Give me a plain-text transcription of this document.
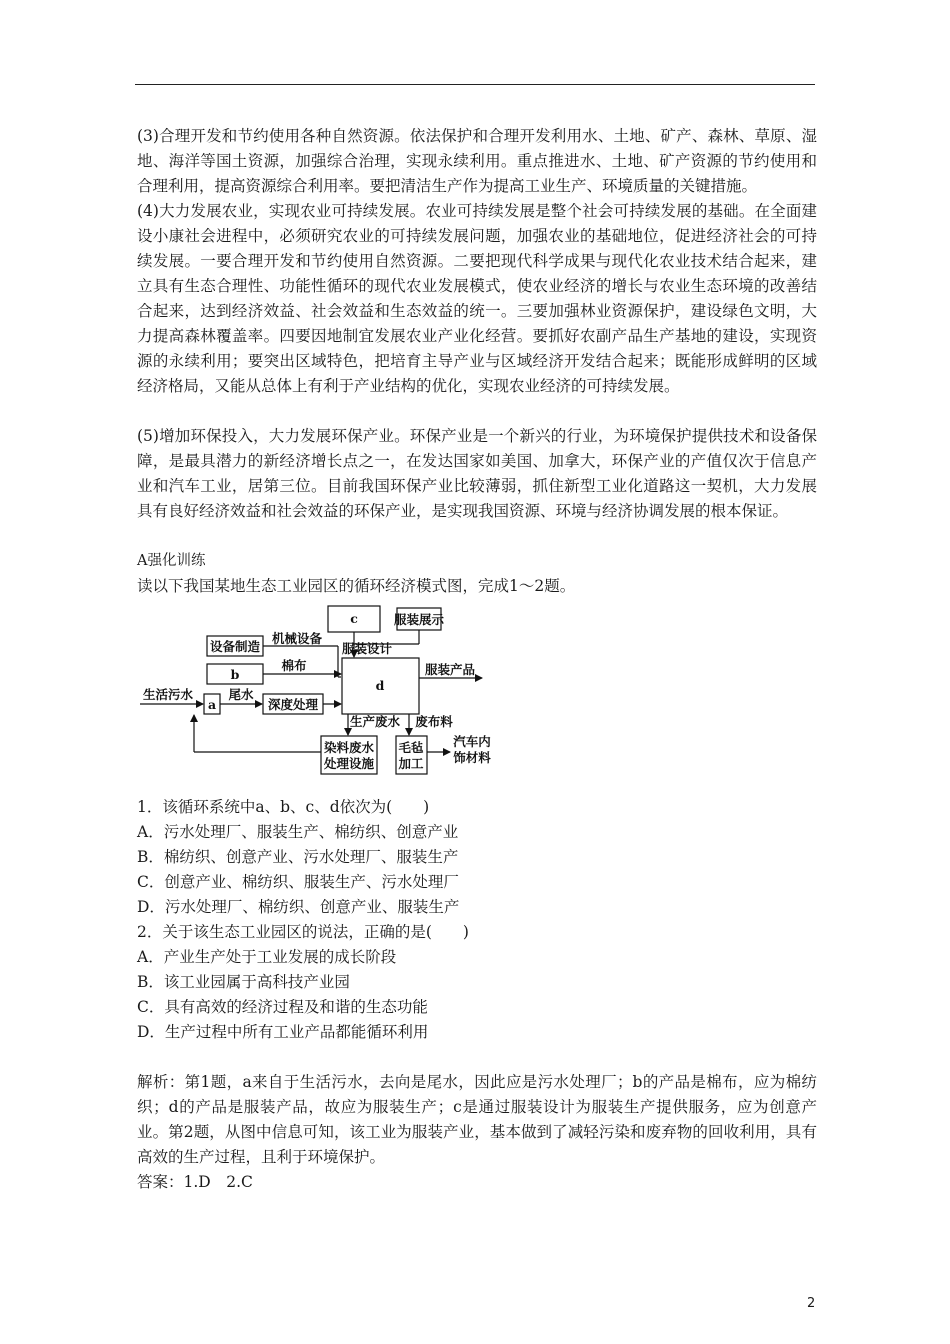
(3)合理开发和节约使用各种自然资源。依法保护和合理开发利用水、土地、矿产、森林、草原、湿地、海洋等国土资源，加强综合治理，实现永续利用。重点推进水、土地、矿产资源的节约使用和合理利用，提高资源综合利用率。要把清洁生产作为提高工业生产、环境质量的关键措施。
(4)大力发展农业，实现农业可持续发展。农业可持续发展是整个社会可持续发展的基础。在全面建设小康社会进程中，必须研究农业的可持续发展问题，加强农业的基础地位，促进经济社会的可持续发展。一要合理开发和节约使用自然资源。二要把现代科学成果与现代化农业技术结合起来，建立具有生态合理性、功能性循环的现代农业发展模式，使农业经济的增长与农业生态环境的改善结合起来，达到经济效益、社会效益和生态效益的统一。三要加强林业资源保护，建设绿色文明，大力提高森林覆盖率。四要因地制宜发展农业产业化经营。要抓好农副产品生产基地的建设，实现资源的永续利用；要突出区域特色，把培育主导产业与区域经济开发结合起来；既能形成鲜明的区域经济格局，又能从总体上有利于产业结构的优化，实现农业经济的可持续发展。
(5)增加环保投入，大力发展环保产业。环保产业是一个新兴的行业，为环境保护提供技术和设备保障，是最具潜力的新经济增长点之一，在发达国家如美国、加拿大，环保产业的产值仅次于信息产业和汽车工业，居第三位。目前我国环保产业比较薄弱，抓住新型工业化道路这一契机，大力发展具有良好经济效益和社会效益的环保产业，是实现我国资源、环境与经济协调发展的根本保证。
A强化训练
读以下我国某地生态工业园区的循环经济模式图，完成1～2题。
c	服装展示
设备制造
机械设备
服装设计
b
棉布
d
服装产品
生活污水
a
尾水
深度处理
生产废水 废布料
染料废水
处理设施
毛毡
加工
汽车内
饰材料
1．该循环系统中a、b、c、d依次为(　　)
A．污水处理厂、服装生产、棉纺织、创意产业
B．棉纺织、创意产业、污水处理厂、服装生产
C．创意产业、棉纺织、服装生产、污水处理厂
D．污水处理厂、棉纺织、创意产业、服装生产
2．关于该生态工业园区的说法，正确的是(　　)
A．产业生产处于工业发展的成长阶段
B．该工业园属于高科技产业园
C．具有高效的经济过程及和谐的生态功能
D．生产过程中所有工业产品都能循环利用
解析：第1题，a来自于生活污水，去向是尾水，因此应是污水处理厂；b的产品是棉布，应为棉纺织；d的产品是服装产品，故应为服装生产；c是通过服装设计为服装生产提供服务，应为创意产业。第2题，从图中信息可知，该工业为服装产业，基本做到了减轻污染和废弃物的回收利用，具有高效的生产过程，且利于环境保护。
答案：1.D　2.C
2
